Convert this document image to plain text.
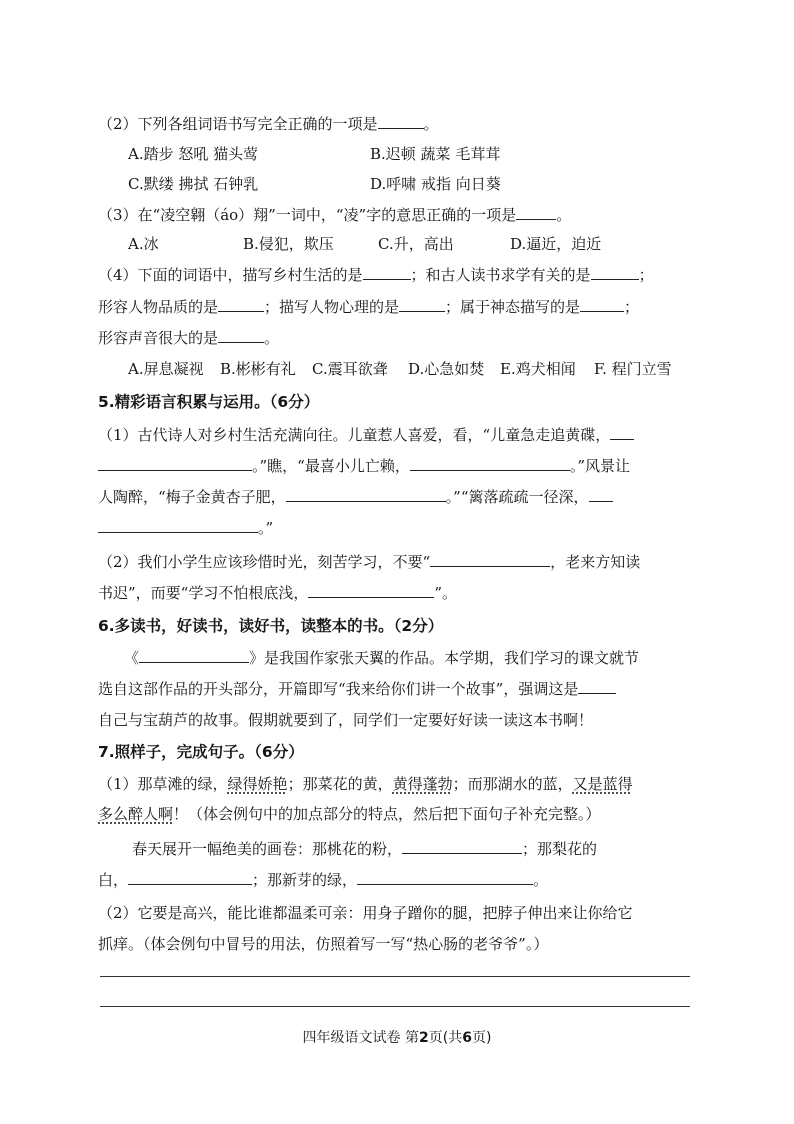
（2）下列各组词语书写完全正确的一项是	。
A.踏步 怒吼 猫头莺	B.迟顿 蔬菜 毛茸茸
C.默缕 拂拭 石钟乳	D.呼啸 戒指 向日葵
（3）在“凌空翱（áo）翔”一词中，“凌”字的意思正确的一项是	。
A.冰	B.侵犯，欺压	C.升，高出	D.逼近，迫近
（4）下面的词语中，描写乡村生活的是	；和古人读书求学有关的是	；
形容人物品质的是	；描写人物心理的是	；属于神态描写的是	；
形容声音很大的是	。
A.屏息凝视 B.彬彬有礼 C.震耳欲聋 D.心急如焚 E.鸡犬相闻 F. 程门立雪
5.精彩语言积累与运用。（6分）
（1）古代诗人对乡村生活充满向往。儿童惹人喜爱，看，“儿童急走追黄碟，
。”瞧，“最喜小儿亡赖，	。”风景让
人陶醉，“梅子金黄杏子肥，	。”“篱落疏疏一径深，
。”
（2）我们小学生应该珍惜时光，刻苦学习，不要“	，老来方知读
书迟”，而要“学习不怕根底浅，	”。
6.多读书，好读书，读好书，读整本的书。（2分）
《	》是我国作家张天翼的作品。本学期，我们学习的课文就节
选自这部作品的开头部分，开篇即写“我来给你们讲一个故事”，强调这是
自己与宝葫芦的故事。假期就要到了，同学们一定要好好读一读这本书啊！
7.照样子，完成句子。（6分）
（1）那草滩的绿，绿得娇艳；那菜花的黄，黄得蓬勃；而那湖水的蓝，又是蓝得
多么醉人啊！（体会例句中的加点部分的特点，然后把下面句子补充完整。）
春天展开一幅绝美的画卷：那桃花的粉，	；那梨花的
白，	；那新芽的绿，	。
（2）它要是高兴，能比谁都温柔可亲：用身子蹭你的腿，把脖子伸出来让你给它
抓痒。（体会例句中冒号的用法，仿照着写一写“热心肠的老爷爷”。）
四年级语文试卷 第2页(共6页)
